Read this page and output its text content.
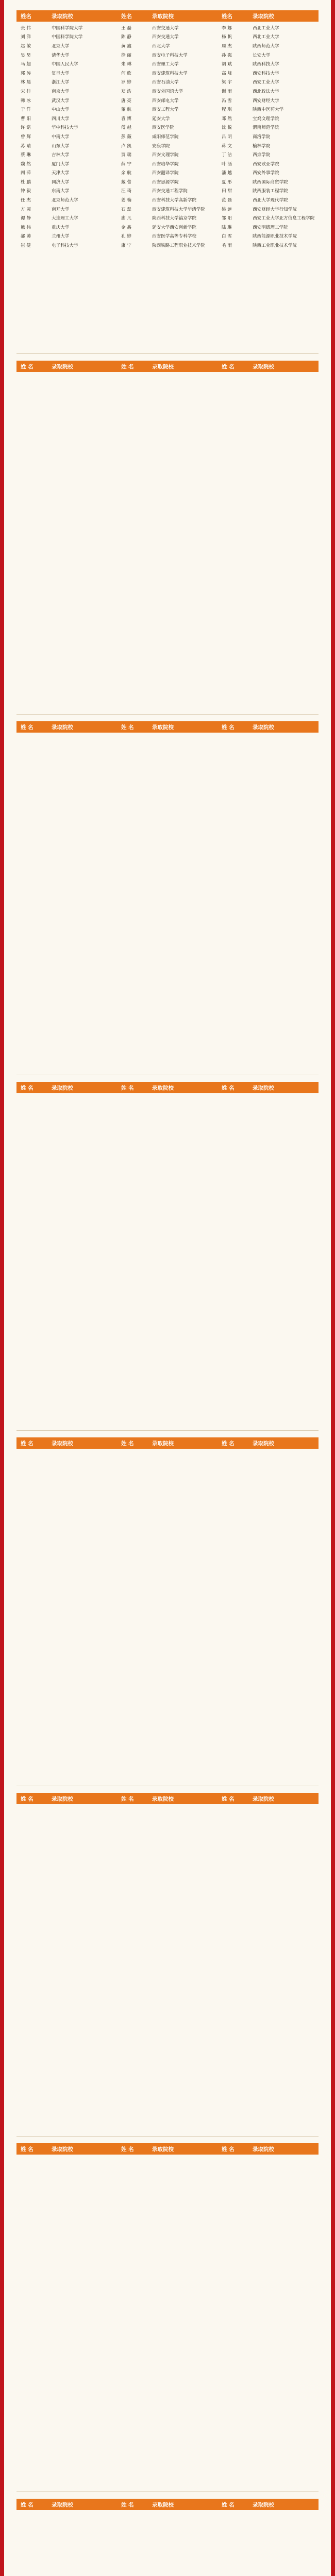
姓名	录取院校	姓名	录取院校	姓名	录取院校
张 伟	中国科学院大学	王 磊	西安交通大学	李 娜	西北工业大学
刘 洋	中国科学院大学	陈 静	西安交通大学	杨 帆	西北工业大学
赵 敏	北京大学	黄 鑫	西北大学	周 杰	陕西师范大学
吴 昊	清华大学	徐 丽	西安电子科技大学	孙 强	长安大学
马 超	中国人民大学	朱 琳	西安理工大学	胡 斌	陕西科技大学
郭 涛	复旦大学	何 欣	西安建筑科技大学	高 峰	西安科技大学
林 晨	浙江大学	罗 婷	西安石油大学	梁 宇	西安工业大学
宋 佳	南京大学	郑 浩	西安外国语大学	谢 雨	西北政法大学
韩 冰	武汉大学	唐 亮	西安邮电大学	冯 雪	西安财经大学
于 洋	中山大学	董 航	西安工程大学	程 琪	陕西中医药大学
曹 阳	四川大学	袁 博	延安大学	邓 然	宝鸡文理学院
许 诺	华中科技大学	傅 越	西安医学院	沈 悦	渭南师范学院
曾 辉	中南大学	彭 薇	咸阳师范学院	吕 明	商洛学院
苏 晴	山东大学	卢 凯	安康学院	蒋 文	榆林学院
蔡 琳	吉林大学	贾 瑞	西安文理学院	丁 洁	西京学院
魏 然	厦门大学	薛 宁	西安培华学院	叶 涵	西安欧亚学院
阎 萍	天津大学	余 航	西安翻译学院	潘 越	西安外事学院
杜 鹏	同济大学	戴 蕾	西安思源学院	夏 彤	陕西国际商贸学院
钟 毅	东南大学	汪 琦	西安交通工程学院	田 甜	陕西服装工程学院
任 杰	北京师范大学	姜 楠	西安科技大学高新学院	范 磊	西北大学现代学院
方 圆	南开大学	石 磊	西安建筑科技大学华清学院	姚 远	西安财经大学行知学院
谭 静	大连理工大学	廖 凡	陕西科技大学镐京学院	邹 阳	西安工业大学北方信息工程学院
熊 伟	重庆大学	金 鑫	延安大学西安创新学院	陆 琳	西安明德理工学院
郝 帅	兰州大学	孔 婷	西安医学高等专科学校	白 雪	陕西能源职业技术学院
崔 健	电子科技大学	康 宁	陕西铁路工程职业技术学院	毛 雨	陕西工业职业技术学院
姓 名	录取院校	姓 名	录取院校	姓 名	录取院校
姓 名	录取院校	姓 名	录取院校	姓 名	录取院校
姓 名	录取院校	姓 名	录取院校	姓 名	录取院校
姓 名	录取院校	姓 名	录取院校	姓 名	录取院校
姓 名	录取院校	姓 名	录取院校	姓 名	录取院校
姓 名	录取院校	姓 名	录取院校	姓 名	录取院校
姓 名	录取院校	姓 名	录取院校	姓 名	录取院校
